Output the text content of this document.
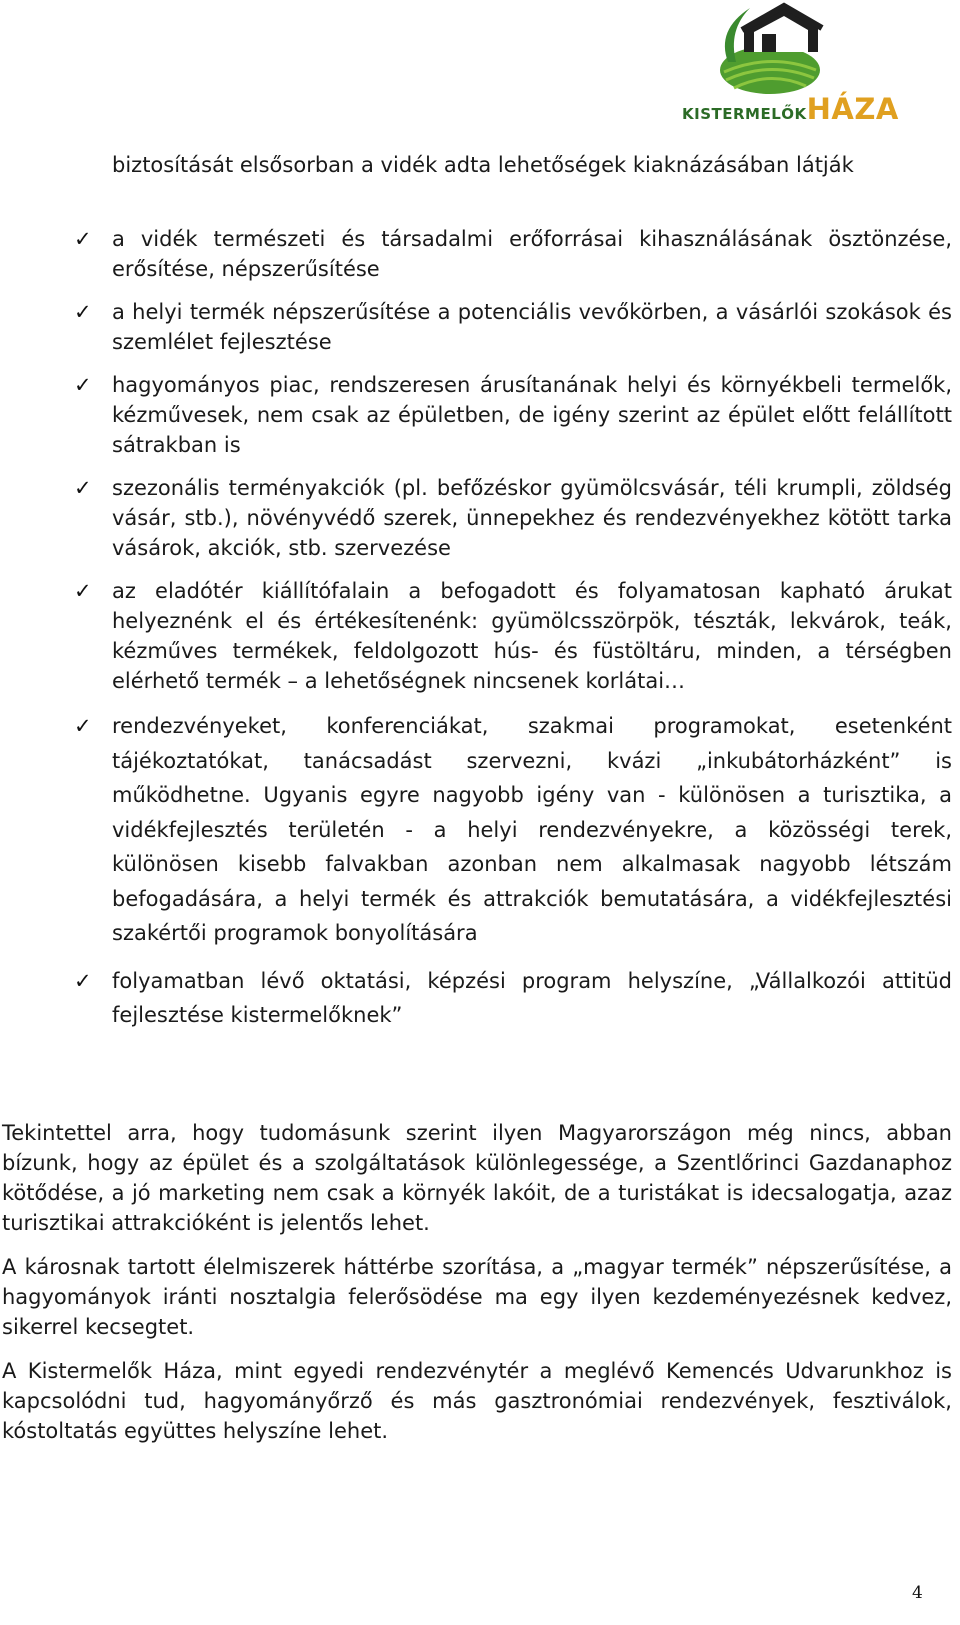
KISTERMELŐKHÁZA

biztosítását elsősorban a vidék adta lehetőségek kiaknázásában látják

✓ a vidék természeti és társadalmi erőforrásai kihasználásának ösztönzése, erősítése, népszerűsítése

✓ a helyi termék népszerűsítése a potenciális vevőkörben, a vásárlói szokások és szemlélet fejlesztése

✓ hagyományos piac, rendszeresen árusítanának helyi és környékbeli termelők, kézművesek, nem csak az épületben, de igény szerint az épület előtt felállított sátrakban is

✓ szezonális terményakciók (pl. befőzéskor gyümölcsvásár, téli krumpli, zöldség vásár, stb.), növényvédő szerek, ünnepekhez és rendezvényekhez kötött tarka vásárok, akciók, stb. szervezése

✓ az eladótér kiállítófalain a befogadott és folyamatosan kapható árukat helyeznénk el és értékesítenénk: gyümölcsszörpök, tészták, lekvárok, teák, kézműves termékek, feldolgozott hús- és füstöltáru, minden, a térségben elérhető termék – a lehetőségnek nincsenek korlátai…

✓ rendezvényeket, konferenciákat, szakmai programokat, esetenként tájékoztatókat, tanácsadást szervezni, kvázi „inkubátorházként” is működhetne. Ugyanis egyre nagyobb igény van - különösen a turisztika, a vidékfejlesztés területén - a helyi rendezvényekre, a közösségi terek, különösen kisebb falvakban azonban nem alkalmasak nagyobb létszám befogadására, a helyi termék és attrakciók bemutatására, a vidékfejlesztési szakértői programok bonyolítására

✓ folyamatban lévő oktatási, képzési program helyszíne, „Vállalkozói attitüd fejlesztése kistermelőknek”

Tekintettel arra, hogy tudomásunk szerint ilyen Magyarországon még nincs, abban bízunk, hogy az épület és a szolgáltatások különlegessége, a Szentlőrinci Gazdanaphoz kötődése, a jó marketing nem csak a környék lakóit, de a turistákat is idecsalogatja, azaz turisztikai attrakcióként is jelentős lehet.

A károsnak tartott élelmiszerek háttérbe szorítása, a „magyar termék” népszerűsítése, a hagyományok iránti nosztalgia felerősödése ma egy ilyen kezdeményezésnek kedvez, sikerrel kecsegtet.

A Kistermelők Háza, mint egyedi rendezvénytér a meglévő Kemencés Udvarunkhoz is kapcsolódni tud, hagyományőrző és más gasztronómiai rendezvények, fesztiválok, kóstoltatás együttes helyszíne lehet.

4
